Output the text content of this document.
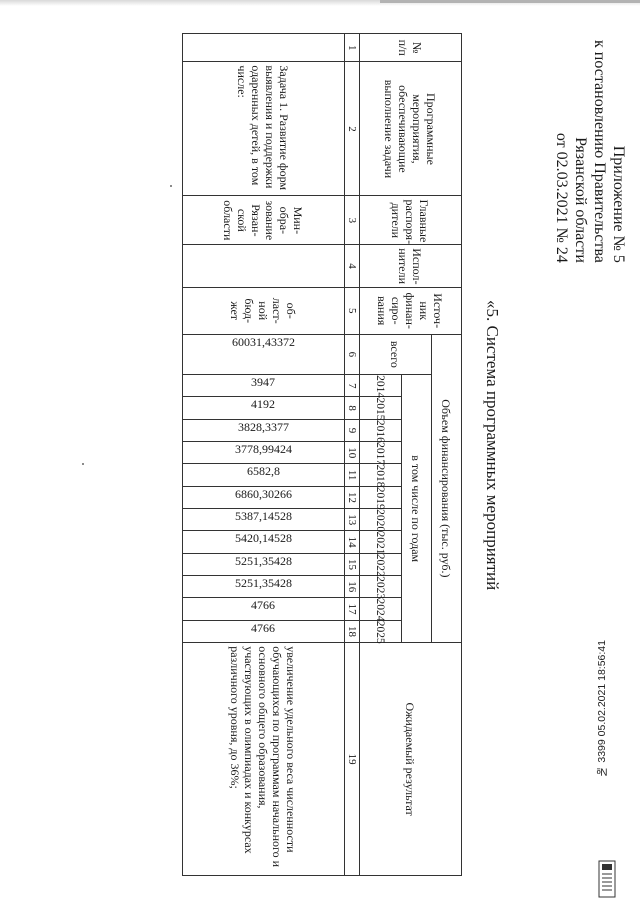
Приложение № 5
к постановлению Правительства
Рязанской области
от 02.03.2021 № 24
«5. Система программных мероприятий
№ п/п	Программные мероприятия, обеспечивающие выполнение задачи	Главные распоря-дители	Испол-нители	Источ-ник финан-сиро-вания	Объем финансирования (тыс. руб.)													Ожидаемый результат
					всего	в том числе по годам												
						2014	2015	2016	2017	2018	2019	2020	2021	2022	2023	2024	2025	
1	2	3	4	5	6	7	8	9	10	11	12	13	14	15	16	17	18	19
	Задача 1. Развитие форм выявления и поддержки одаренных детей, в том числе:	Мин-обра-зование Рязан-ской области		об-ласт-ной бюд-жет	60031,43372	3947	4192	3828,3377	3778,99424	6582,8	6860,30266	5387,14528	5420,14528	5251,35428	5251,35428	4766	4766	увеличение удельного веса численности обучающихся по программам начального и основного общего образования, участвующих в олимпиадах и конкурсах различного уровня, до 36%;	№ 3399 05.02.2021 18:56:41
